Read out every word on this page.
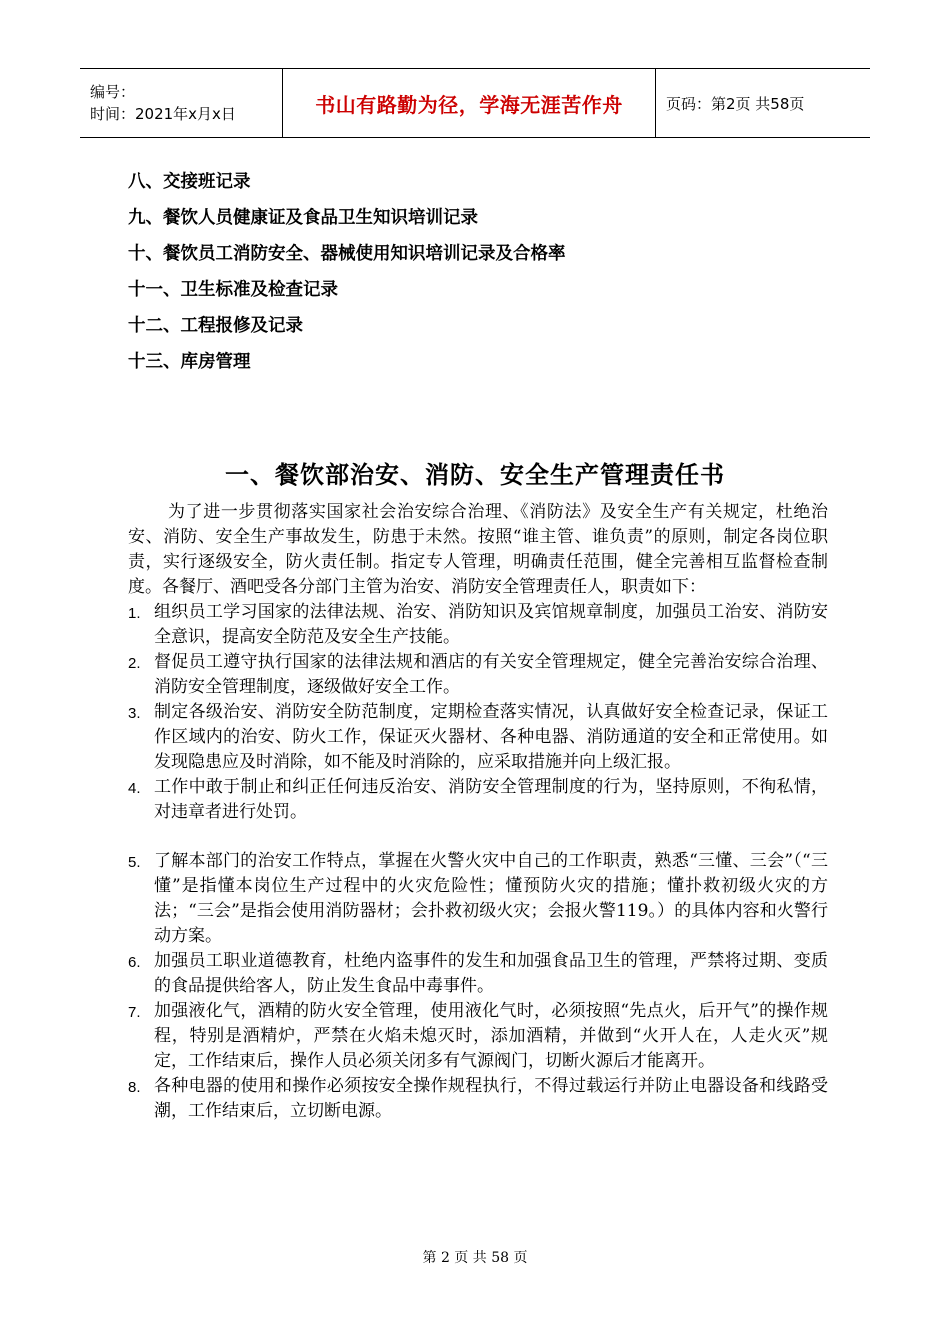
编号：
时间：2021年x月x日	书山有路勤为径，学海无涯苦作舟	页码：第2页 共58页
八、交接班记录
九、餐饮人员健康证及食品卫生知识培训记录
十、餐饮员工消防安全、器械使用知识培训记录及合格率
十一、卫生标准及检查记录
十二、工程报修及记录
十三、库房管理
一、餐饮部治安、消防、安全生产管理责任书

为了进一步贯彻落实国家社会治安综合治理、《消防法》及安全生产有关规定，杜绝治安、消防、安全生产事故发生，防患于未然。按照“谁主管、谁负责”的原则，制定各岗位职责，实行逐级安全，防火责任制。指定专人管理，明确责任范围，健全完善相互监督检查制度。各餐厅、酒吧受各分部门主管为治安、消防安全管理责任人，职责如下：

1. 组织员工学习国家的法律法规、治安、消防知识及宾馆规章制度，加强员工治安、消防安全意识，提高安全防范及安全生产技能。
2. 督促员工遵守执行国家的法律法规和酒店的有关安全管理规定，健全完善治安综合治理、消防安全管理制度，逐级做好安全工作。
3. 制定各级治安、消防安全防范制度，定期检查落实情况，认真做好安全检查记录，保证工作区域内的治安、防火工作，保证灭火器材、各种电器、消防通道的安全和正常使用。如发现隐患应及时消除，如不能及时消除的，应采取措施并向上级汇报。
4. 工作中敢于制止和纠正任何违反治安、消防安全管理制度的行为，坚持原则，不徇私情，对违章者进行处罚。
5. 了解本部门的治安工作特点，掌握在火警火灾中自己的工作职责，熟悉“三懂、三会”（“三懂”是指懂本岗位生产过程中的火灾危险性；懂预防火灾的措施；懂扑救初级火灾的方法；“三会”是指会使用消防器材；会扑救初级火灾；会报火警119。）的具体内容和火警行动方案。
6. 加强员工职业道德教育，杜绝内盗事件的发生和加强食品卫生的管理，严禁将过期、变质的食品提供给客人，防止发生食品中毒事件。
7. 加强液化气，酒精的防火安全管理，使用液化气时，必须按照“先点火，后开气”的操作规程，特别是酒精炉，严禁在火焰未熄灭时，添加酒精，并做到“火开人在，人走火灭”规定，工作结束后，操作人员必须关闭多有气源阀门，切断火源后才能离开。
8. 各种电器的使用和操作必须按安全操作规程执行，不得过载运行并防止电器设备和线路受潮，工作结束后，立切断电源。
第 2 页 共 58 页
